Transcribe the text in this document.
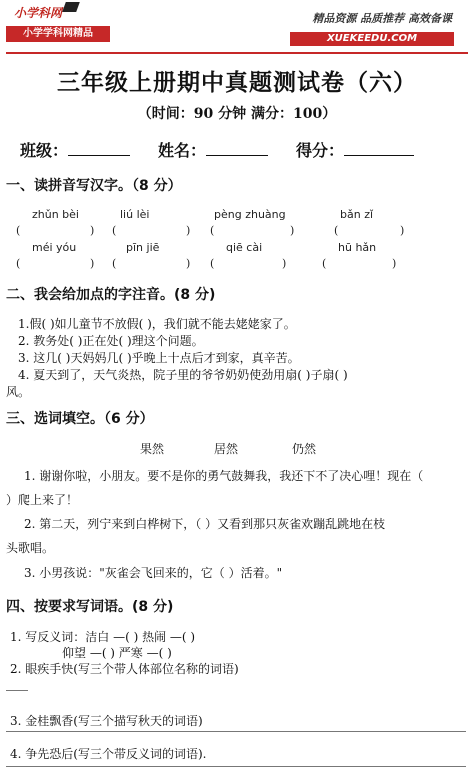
小学科网
小学学科网精品
精品资源 品质推荐 高效备课
XUEKEEDU.COM
三年级上册期中真题测试卷（六）
（时间：90 分钟 满分：100）
班级：	姓名：	得分：
一、读拼音写汉字。（8 分）
zhǔn bèi	liú lèi	pèng zhuàng	bǎn zǐ
(	) (	) (	)	(	)
méi yóu	pīn jiē	qiē cài	hū hǎn
(	) (	) (	)	(	)
二、我会给加点的字注音。(8 分)
1.假( )如儿童节不放假( )，我们就不能去姥姥家了。
2. 教务处( )正在处( )理这个问题。
3. 这几( )天妈妈几( )乎晚上十点后才到家，真辛苦。
4. 夏天到了，天气炎热，院子里的爷爷奶奶使劲用扇( )子扇( )
风。
三、选词填空。（6 分）
果然	居然	仍然
1. 谢谢你啦，小朋友。要不是你的勇气鼓舞我，我还下不了决心哩！现在（
）爬上来了！
2. 第二天，列宁来到白桦树下，（ ）又看到那只灰雀欢蹦乱跳地在枝
头歌唱。
3. 小男孩说："灰雀会飞回来的，它（ ）活着。"
四、按要求写词语。(8 分)
1. 写反义词：洁白 —( ) 热闹 —( )
仰望 —( ) 严寒 —( )
2. 眼疾手快(写三个带人体部位名称的词语)
3. 金桂飘香(写三个描写秋天的词语)
4. 争先恐后(写三个带反义词的词语).
